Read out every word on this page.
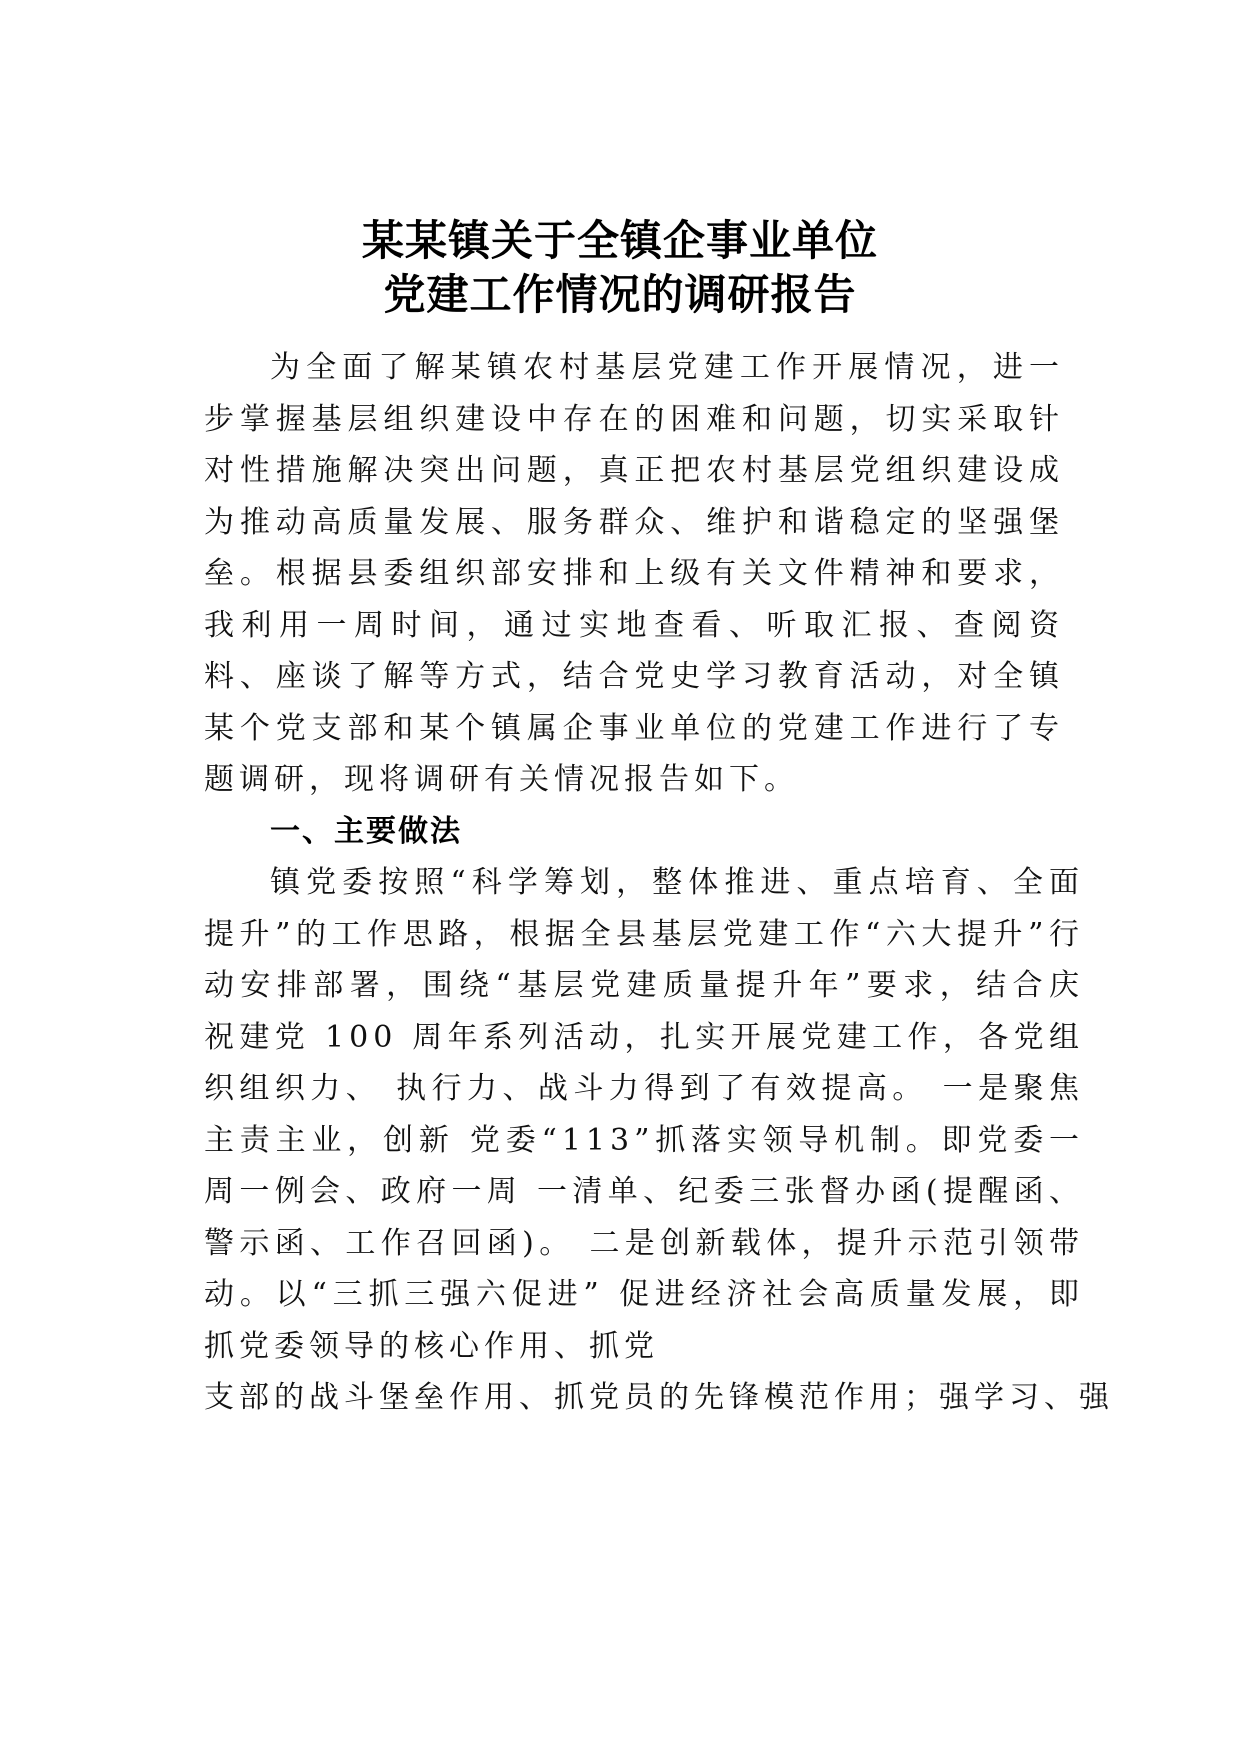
某某镇关于全镇企事业单位
党建工作情况的调研报告

为全面了解某镇农村基层党建工作开展情况，进一步掌握基层组织建设中存在的困难和问题，切实采取针对性措施解决突出问题，真正把农村基层党组织建设成为推动高质量发展、服务群众、维护和谐稳定的坚强堡垒。根据县委组织部安排和上级有关文件精神和要求，我利用一周时间，通过实地查看、听取汇报、查阅资料、座谈了解等方式，结合党史学习教育活动，对全镇某个党支部和某个镇属企事业单位的党建工作进行了专题调研，现将调研有关情况报告如下。

一、主要做法

镇党委按照“科学筹划，整体推进、重点培育、全面提升”的工作思路，根据全县基层党建工作“六大提升”行动安排部署，围绕“基层党建质量提升年”要求，结合庆祝建党 100 周年系列活动，扎实开展党建工作，各党组织组织力、 执行力、战斗力得到了有效提高。 一是聚焦主责主业，创新 党委“113”抓落实领导机制。即党委一周一例会、政府一周 一清单、纪委三张督办函(提醒函、警示函、工作召回函)。 二是创新载体，提升示范引领带动。以“三抓三强六促进” 促进经济社会高质量发展，即抓党委领导的核心作用、抓党

支部的战斗堡垒作用、抓党员的先锋模范作用；强学习、强
